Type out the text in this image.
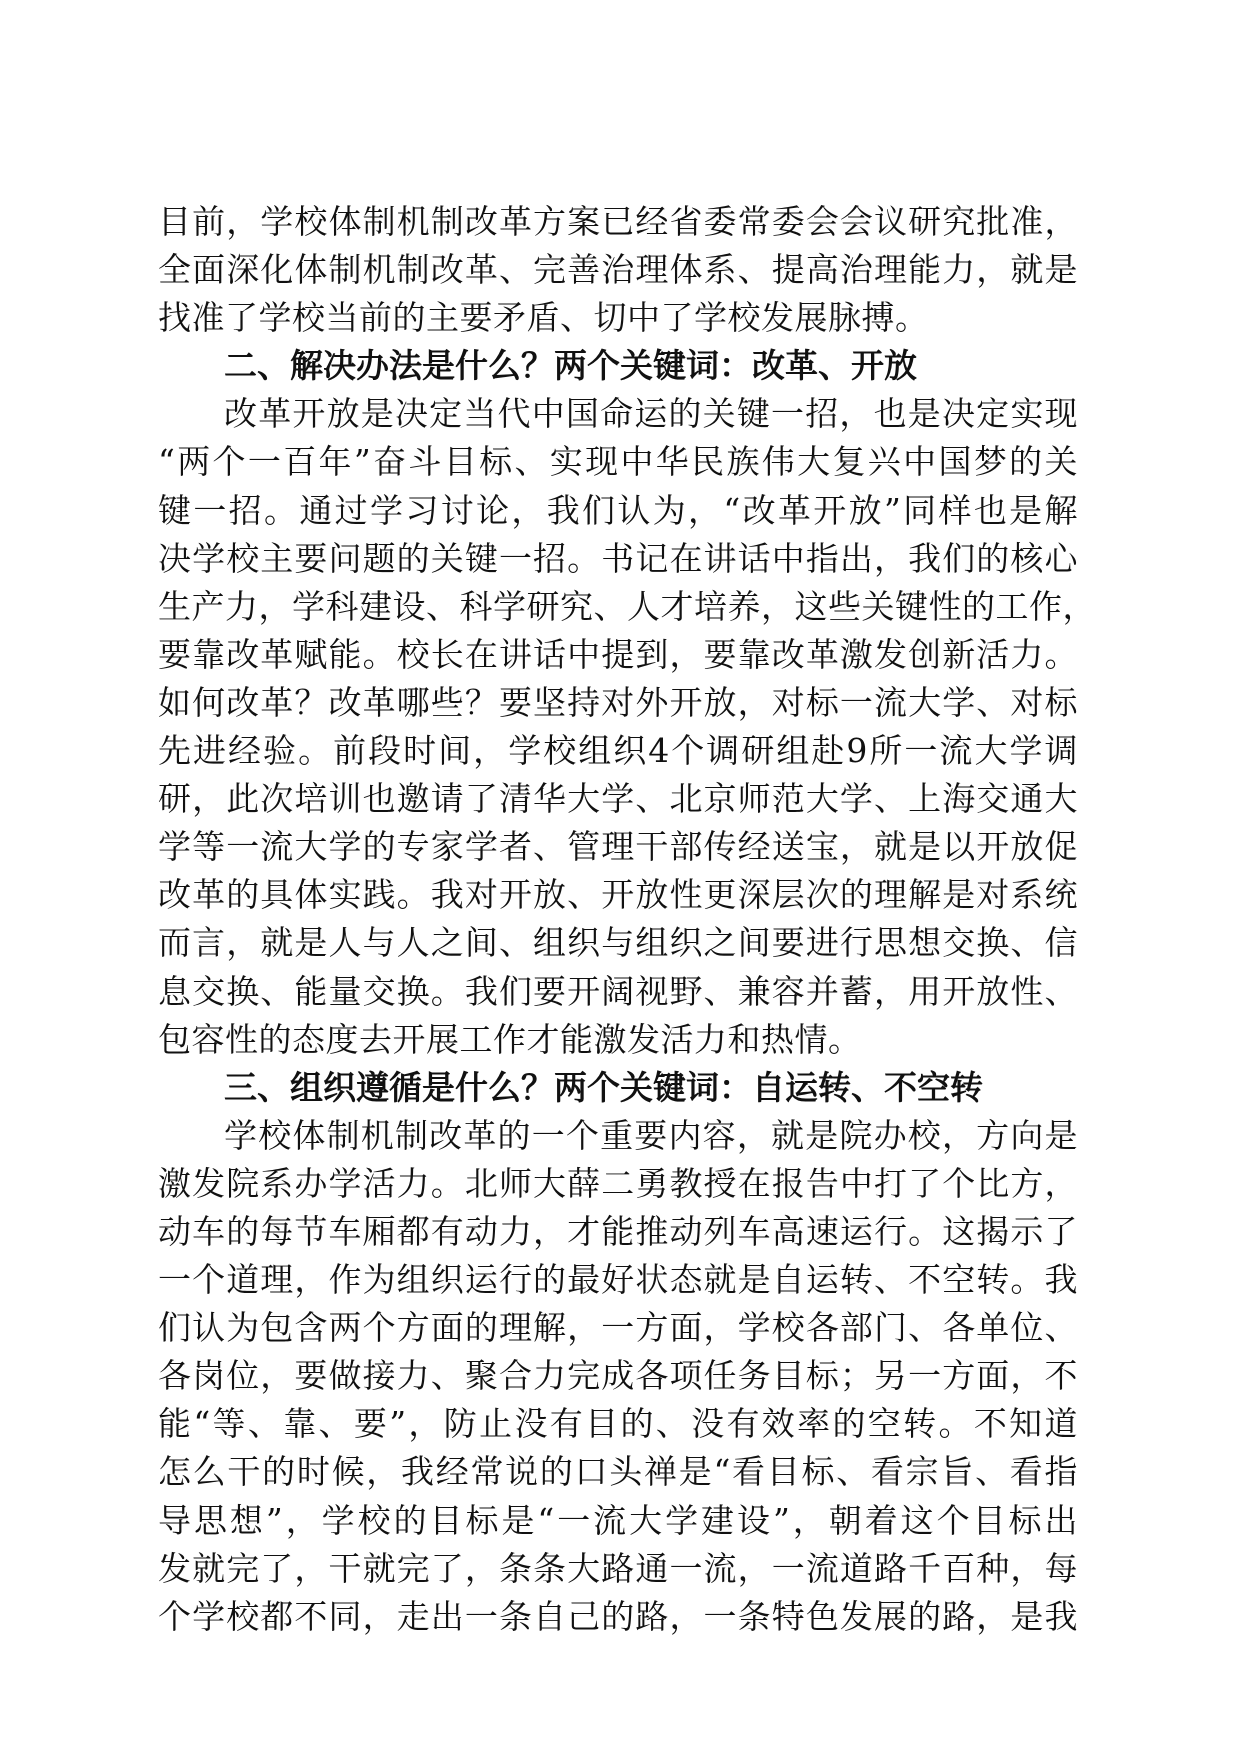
目前，学校体制机制改革方案已经省委常委会会议研究批准，
全面深化体制机制改革、完善治理体系、提高治理能力，就是
找准了学校当前的主要矛盾、切中了学校发展脉搏。
二、解决办法是什么？两个关键词：改革、开放
改革开放是决定当代中国命运的关键一招，也是决定实现
“两个一百年”奋斗目标、实现中华民族伟大复兴中国梦的关
键一招。通过学习讨论，我们认为，“改革开放”同样也是解
决学校主要问题的关键一招。书记在讲话中指出，我们的核心
生产力，学科建设、科学研究、人才培养，这些关键性的工作，
要靠改革赋能。校长在讲话中提到，要靠改革激发创新活力。
如何改革？改革哪些？要坚持对外开放，对标一流大学、对标
先进经验。前段时间，学校组织4个调研组赴9所一流大学调
研，此次培训也邀请了清华大学、北京师范大学、上海交通大
学等一流大学的专家学者、管理干部传经送宝，就是以开放促
改革的具体实践。我对开放、开放性更深层次的理解是对系统
而言，就是人与人之间、组织与组织之间要进行思想交换、信
息交换、能量交换。我们要开阔视野、兼容并蓄，用开放性、
包容性的态度去开展工作才能激发活力和热情。
三、组织遵循是什么？两个关键词：自运转、不空转
学校体制机制改革的一个重要内容，就是院办校，方向是
激发院系办学活力。北师大薛二勇教授在报告中打了个比方，
动车的每节车厢都有动力，才能推动列车高速运行。这揭示了
一个道理，作为组织运行的最好状态就是自运转、不空转。我
们认为包含两个方面的理解，一方面，学校各部门、各单位、
各岗位，要做接力、聚合力完成各项任务目标；另一方面，不
能“等、靠、要”，防止没有目的、没有效率的空转。不知道
怎么干的时候，我经常说的口头禅是“看目标、看宗旨、看指
导思想”，学校的目标是“一流大学建设”，朝着这个目标出
发就完了，干就完了，条条大路通一流，一流道路千百种，每
个学校都不同，走出一条自己的路，一条特色发展的路，是我
